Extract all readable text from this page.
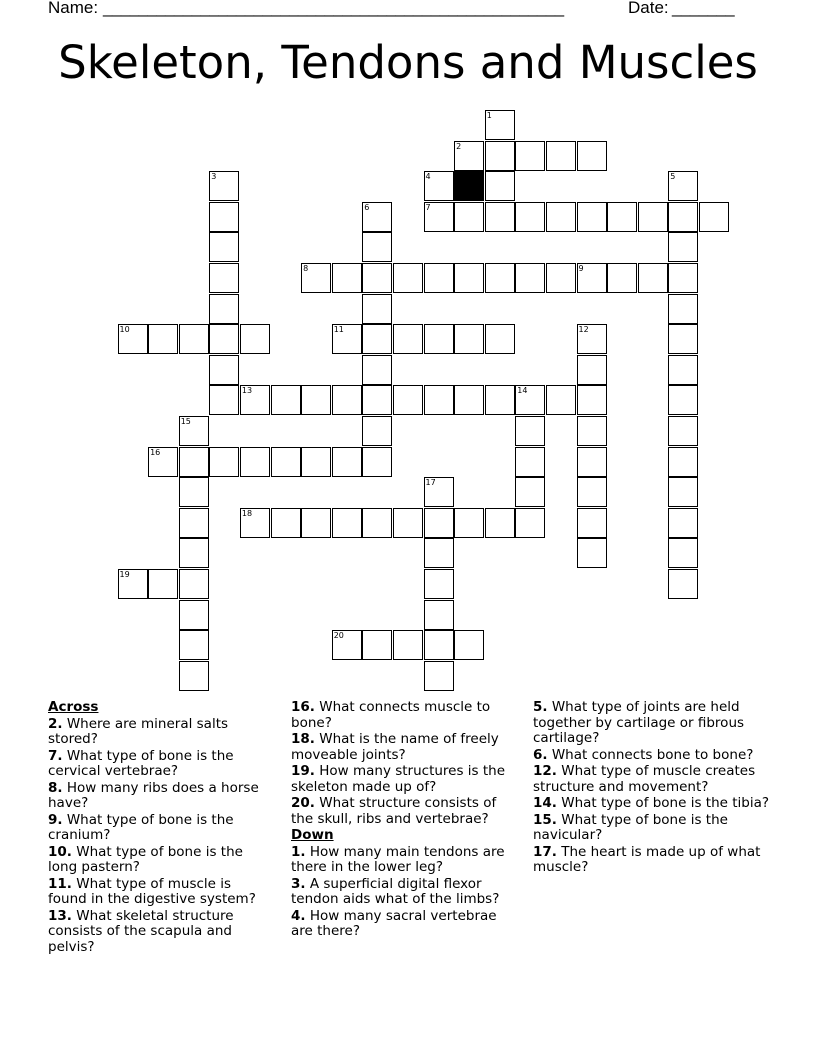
Name:

____________________________________________________

	Date:

_______

Skeleton, Tendons and Muscles
1
2
3	4	5
6	7
8	9
10	11	12
13	14
15
16
17
18
19
20
Across
2. Where are mineral salts stored?
7. What type of bone is the cervical vertebrae?
8. How many ribs does a horse have?
9. What type of bone is the cranium?
10. What type of bone is the long pastern?
11. What type of muscle is found in the digestive system?
13. What skeletal structure consists of the scapula and pelvis?
16. What connects muscle to bone?
18. What is the name of freely moveable joints?
19. How many structures is the skeleton made up of?
20. What structure consists of the skull, ribs and vertebrae?
Down
1. How many main tendons are there in the lower leg?
3. A superficial digital flexor tendon aids what of the limbs?
4. How many sacral vertebrae are there?
5. What type of joints are held together by cartilage or fibrous cartilage?
6. What connects bone to bone?
12. What type of muscle creates structure and movement?
14. What type of bone is the tibia?
15. What type of bone is the navicular?
17. The heart is made up of what muscle?
